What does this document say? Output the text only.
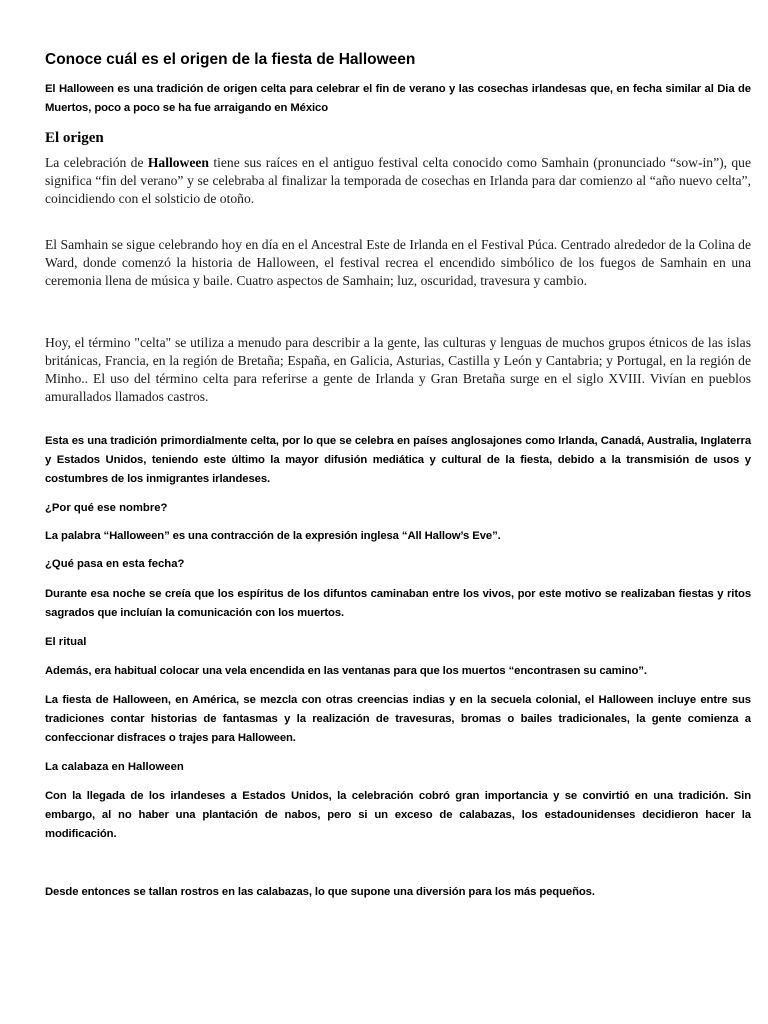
Conoce cuál es el origen de la fiesta de Halloween

El Halloween es una tradición de origen celta para celebrar el fin de verano y las cosechas irlandesas que, en fecha similar al Dia de Muertos, poco a poco se ha fue arraigando en México

El origen

La celebración de Halloween tiene sus raíces en el antiguo festival celta conocido como Samhain (pronunciado “sow-in”), que significa “fin del verano” y se celebraba al finalizar la temporada de cosechas en Irlanda para dar comienzo al “año nuevo celta”, coincidiendo con el solsticio de otoño.

El Samhain se sigue celebrando hoy en día en el Ancestral Este de Irlanda en el Festival Púca. Centrado alrededor de la Colina de Ward, donde comenzó la historia de Halloween, el festival recrea el encendido simbólico de los fuegos de Samhain en una ceremonia llena de música y baile. Cuatro aspectos de Samhain; luz, oscuridad, travesura y cambio.

Hoy, el término "celta" se utiliza a menudo para describir a la gente, las culturas y lenguas de muchos grupos étnicos de las islas británicas, Francia, en la región de Bretaña; España, en Galicia, Asturias, Castilla y León y Cantabria; y Portugal, en la región de Minho.. El uso del término celta para referirse a gente de Irlanda y Gran Bretaña surge en el siglo XVIII. Vivían en pueblos amurallados llamados castros.

Esta es una tradición primordialmente celta, por lo que se celebra en países anglosajones como Irlanda, Canadá, Australia, Inglaterra y Estados Unidos, teniendo este último la mayor difusión mediática y cultural de la fiesta, debido a la transmisión de usos y costumbres de los inmigrantes irlandeses.

¿Por qué ese nombre?

La palabra “Halloween” es una contracción de la expresión inglesa “All Hallow’s Eve”.

¿Qué pasa en esta fecha?

Durante esa noche se creía que los espíritus de los difuntos caminaban entre los vivos, por este motivo se realizaban fiestas y ritos sagrados que incluían la comunicación con los muertos.

El ritual

Además, era habitual colocar una vela encendida en las ventanas para que los muertos “encontrasen su camino”.

La fiesta de Halloween, en América, se mezcla con otras creencias indias y en la secuela colonial, el Halloween incluye entre sus tradiciones contar historias de fantasmas y la realización de travesuras, bromas o bailes tradicionales, la gente comienza a confeccionar disfraces o trajes para Halloween.

La calabaza en Halloween

Con la llegada de los irlandeses a Estados Unidos, la celebración cobró gran importancia y se convirtió en una tradición. Sin embargo, al no haber una plantación de nabos, pero si un exceso de calabazas, los estadounidenses decidieron hacer la modificación.

Desde entonces se tallan rostros en las calabazas, lo que supone una diversión para los más pequeños.
